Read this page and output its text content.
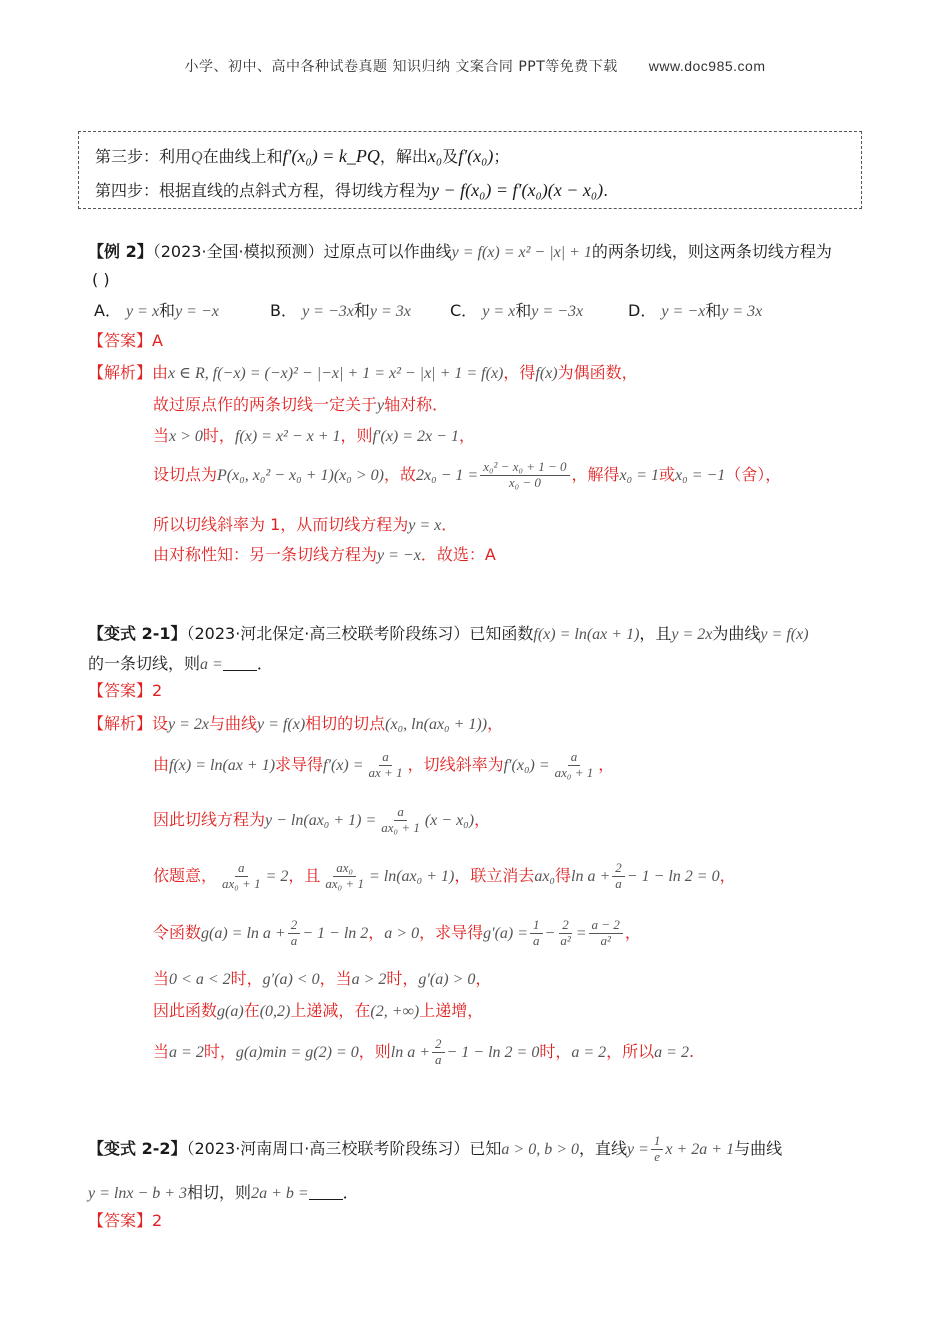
小学、初中、高中各种试卷真题 知识归纳 文案合同 PPT等免费下载 www.doc985.com
第三步：利用Q在曲线上和f′(x₀) = k_PQ，解出x₀及f′(x₀)；
第四步：根据直线的点斜式方程，得切线方程为y − f(x₀) = f′(x₀)(x − x₀).
【例 2】（2023·全国·模拟预测）过原点可以作曲线y = f(x) = x² − |x| + 1的两条切线，则这两条切线方程为
( )
A． y = x和y = −x	B． y = −3x和y = 3x C． y = x和y = −3x	D． y = −x和y = 3x
【答案】A
【解析】由x ∈ R, f(−x) = (−x)² − |−x| + 1 = x² − |x| + 1 = f(x)，得f(x)为偶函数，
故过原点作的两条切线一定关于y轴对称．
当x > 0时，f(x) = x² − x + 1，则f′(x) = 2x − 1，
设切点为P(x₀, x₀² − x₀ + 1)(x₀ > 0)，故$2x_0 - 1 = \frac{\text{x₀² − x₀ + 1 − 0}}{\text{x₀ − 0}}$ ，解得x₀ = 1或x₀ = −1（舍），
所以切线斜率为 1，从而切线方程为y = x．
由对称性知：另一条切线方程为y = −x．故选：A
【变式 2-1】（2023·河北保定·高三校联考阶段练习）已知函数f(x) = ln(ax + 1)，且y = 2x为曲线y = f(x)
的一条切线，则a = ．
【答案】2
【解析】设y = 2x与曲线y = f(x)相切的切点(x₀, ln(ax₀ + 1))，
由f(x) = ln(ax + 1)求导得$f'(x) = \frac{a}{ax + 1}$ ，切线斜率为$f'(x_0) = \frac{a}{\text{ax₀ + 1}}$ ，
因此切线方程为$y - \ln(ax_0 + 1) = \frac{a}{\text{ax₀ + 1}} (x - x_0)$，
依题意， $\frac{a}{\text{ax₀ + 1}} = 2$，且 $\frac{\text{ax₀}}{\text{ax₀ + 1}} = \ln(ax_0 + 1)$，联立消去ax₀得$\ln a + \frac{2}{a} - 1 - \ln 2 = 0$，
令函数$g(a) = \ln a + \frac{2}{a} - 1 - \ln 2$，a > 0，求导得$g'(a) = \frac{1}{a} - \frac{2}{\text{a²}} = \frac{a - 2}{\text{a²}}$ ，
当0 < a < 2时，g′(a) < 0，当a > 2时，g′(a) > 0，
因此函数g(a)在(0,2)上递减，在(2, +∞)上递增，
当a = 2时，g(a)min = g(2) = 0，则$\ln a + \frac{2}{a} - 1 - \ln 2 = 0$时，a = 2，所以a = 2.
【变式 2-2】（2023·河南周口·高三校联考阶段练习）已知a > 0, b > 0，直线$y = \frac{1}{e}$ x + 2a + 1与曲线
y = lnx − b + 3相切，则2a + b = ．
【答案】2
